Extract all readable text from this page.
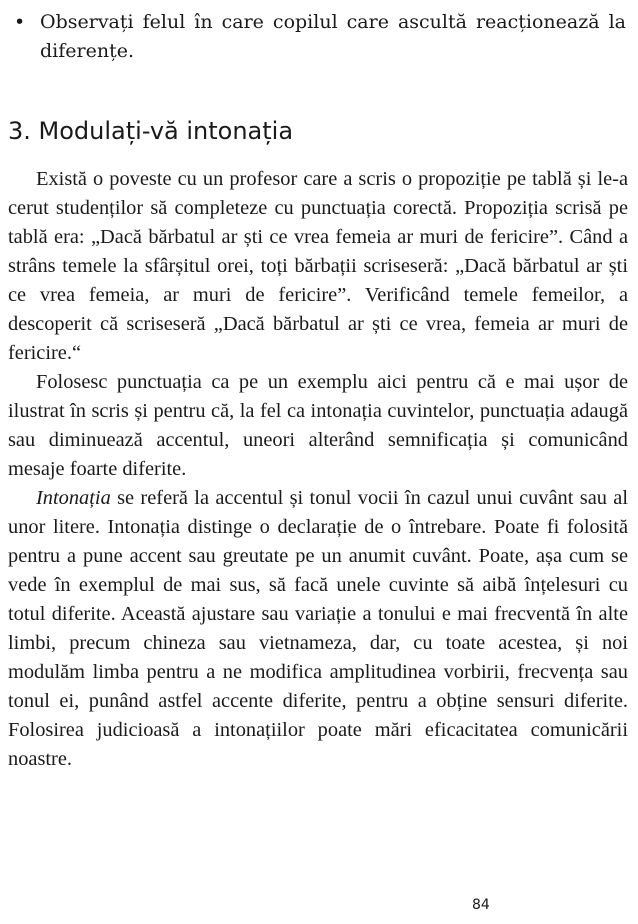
• Observați felul în care copilul care ascultă reacționează la diferențe.
3. Modulați-vă intonația

Există o poveste cu un profesor care a scris o propoziție pe tablă și le-a cerut studenților să completeze cu punctuația corectă. Propoziția scrisă pe tablă era: „Dacă bărbatul ar ști ce vrea femeia ar muri de fericire”. Când a strâns temele la sfârșitul orei, toți bărbații scriseseră: „Dacă bărbatul ar ști ce vrea femeia, ar muri de fericire”. Verificând temele femeilor, a descoperit că scriseseră „Dacă bărbatul ar ști ce vrea, femeia ar muri de fericire.“

Folosesc punctuația ca pe un exemplu aici pentru că e mai ușor de ilustrat în scris și pentru că, la fel ca intonația cuvintelor, punctuația adaugă sau diminuează accentul, uneori alterând semnificația și comunicând mesaje foarte diferite.

Intonația se referă la accentul și tonul vocii în cazul unui cuvânt sau al unor litere. Intonația distinge o declarație de o întrebare. Poate fi folosită pentru a pune accent sau greutate pe un anumit cuvânt. Poate, așa cum se vede în exemplul de mai sus, să facă unele cuvinte să aibă înțelesuri cu totul diferite. Această ajustare sau variație a tonului e mai frecventă în alte limbi, precum chineza sau vietnameza, dar, cu toate acestea, și noi modulăm limba pentru a ne modifica amplitudinea vorbirii, frecvența sau tonul ei, punând astfel accente diferite, pentru a obține sensuri diferite. Folosirea judicioasă a intonațiilor poate mări eficacitatea comunicării noastre.

84
